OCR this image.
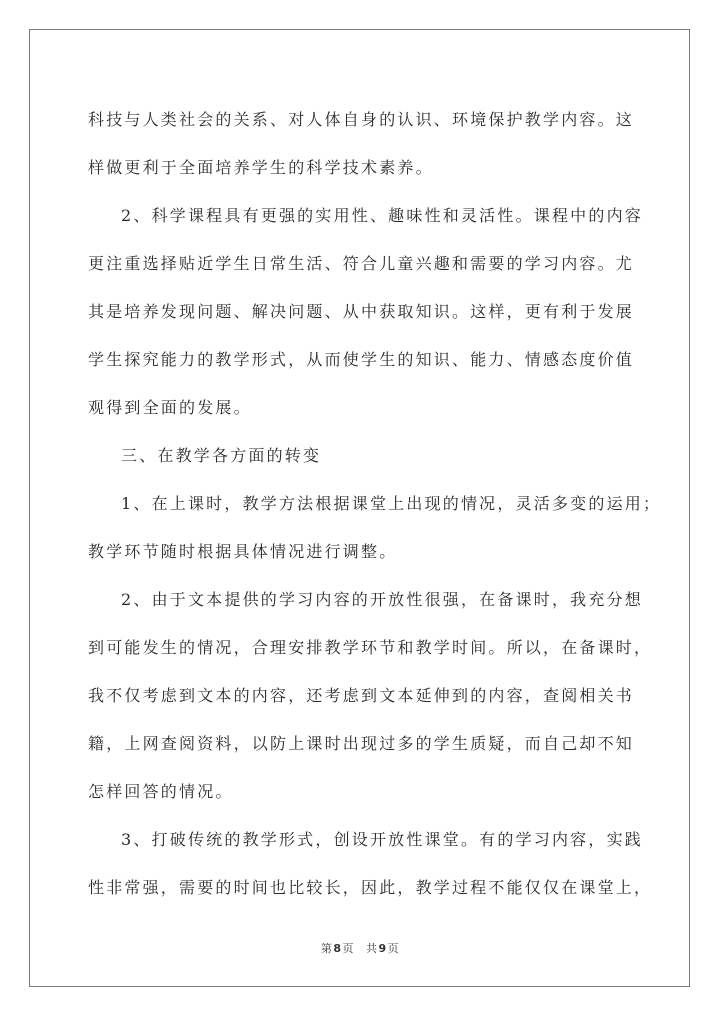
科技与人类社会的关系、对人体自身的认识、环境保护教学内容。这
样做更利于全面培养学生的科学技术素养。
2、科学课程具有更强的实用性、趣味性和灵活性。课程中的内容
更注重选择贴近学生日常生活、符合儿童兴趣和需要的学习内容。尤
其是培养发现问题、解决问题、从中获取知识。这样，更有利于发展
学生探究能力的教学形式，从而使学生的知识、能力、情感态度价值
观得到全面的发展。
三、在教学各方面的转变
1、在上课时，教学方法根据课堂上出现的情况，灵活多变的运用；
教学环节随时根据具体情况进行调整。
2、由于文本提供的学习内容的开放性很强，在备课时，我充分想
到可能发生的情况，合理安排教学环节和教学时间。所以，在备课时，
我不仅考虑到文本的内容，还考虑到文本延伸到的内容，查阅相关书
籍，上网查阅资料，以防上课时出现过多的学生质疑，而自己却不知
怎样回答的情况。
3、打破传统的教学形式，创设开放性课堂。有的学习内容，实践
性非常强，需要的时间也比较长，因此，教学过程不能仅仅在课堂上，
第8页 共9页
